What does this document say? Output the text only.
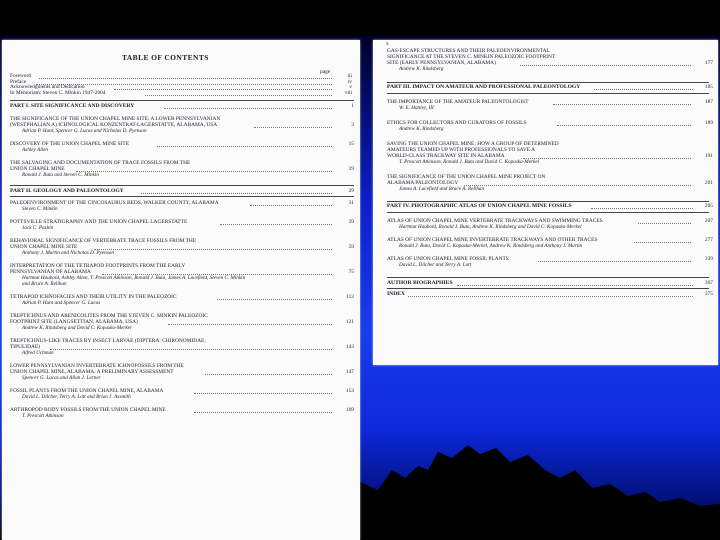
TABLE OF CONTENTS
page
Foreword	iii
Preface	iv
Acknowledgments and Dedication	v
In Memoriam: Steven C. Minkin 1947-2004	viii
PART I. SITE SIGNIFICANCE AND DISCOVERY	1
THE SIGNIFICANCE OF THE UNION CHAPEL MINE SITE: A LOWER PENNSYLVANIAN
(WESTPHALIAN A) ICHNOLOGICAL KONZENTRAT-LAGERSTATTE, ALABAMA, USA	3
Adrian P. Hunt, Spencer G. Lucas and Nicholas D. Pyenson
DISCOVERY OF THE UNION CHAPEL MINE SITE	15
Ashley Allen
THE SALVAGING AND DOCUMENTATION OF TRACE FOSSILS FROM THE
UNION CHAPEL MINE	19
Ronald J. Buta and Steven C. Minkin
PART II. GEOLOGY AND PALEONTOLOGY	29
PALEOENVIRONMENT OF THE CINCOSAURUS BEDS, WALKER COUNTY, ALABAMA	31
Steven C. Minkin
POTTSVILLE STRATIGRAPHY AND THE UNION CHAPEL LAGERSTATTE	39
Jack C. Pashin
BEHAVIORAL SIGNIFICANCE OF VERTEBRATE TRACE FOSSILS FROM THE
UNION CHAPEL MINE SITE	59
Anthony J. Martin and Nicholas D. Pyenson
INTERPRETATION OF THE TETRAPOD FOOTPRINTS FROM THE EARLY
PENNSYLVANIAN OF ALABAMA	75
Hartmut Haubold, Ashley Allen, T. Prescott Atkinson, Ronald J. Buta, James A. Lacefield, Steven C. Minkin
and Bruce A. Relihan
TETRAPOD ICHNOFACIES AND THEIR UTILITY IN THE PALEOZOIC	113
Adrian P. Hunt and Spencer G. Lucas
TREPTICHNUS AND ARENICOLITES FROM THE STEVEN C. MINKIN PALEOZOIC
FOOTPRINT SITE (LANGSETTIAN, ALABAMA, USA)	121
Andrew K. Rindsberg and David C. Kopaska-Merkel
TREPTICHNUS-LIKE TRACES BY INSECT LARVAE (DIPTERA: CHIRONOMIDAE,
TIPULIDAE)	143
Alfred Uchman
LOWER PENNSYLVANIAN INVERTEBRATE ICHNOFOSSILS FROM THE
UNION CHAPEL MINE, ALABAMA: A PRELIMINARY ASSESSMENT	147
Spencer G. Lucas and Allan J. Lerner
FOSSIL PLANTS FROM THE UNION CHAPEL MINE, ALABAMA	153
David L. Dilcher, Terry A. Lott and Brian J. Axsmith
ARTHROPOD BODY FOSSILS FROM THE UNION CHAPEL MINE	169
T. Prescott Atkinson
x
GAS-ESCAPE STRUCTURES AND THEIR PALEOENVIRONMENTAL
SIGNIFICANCE AT THE STEVEN C. MINKIN PALEOZOIC FOOTPRINT
SITE (EARLY PENNSYLVANIAN, ALABAMA)	177
Andrew K. Rindsberg
PART III. IMPACT ON AMATEUR AND PROFESSIONAL PALEONTOLOGY	185
THE IMPORTANCE OF THE AMATEUR PALEONTOLOGIST	187
W. E. Hanley, III
ETHICS FOR COLLECTORS AND CURATORS OF FOSSILS	189
Andrew K. Rindsberg
SAVING THE UNION CHAPEL MINE: HOW A GROUP OF DETERMINED
AMATEURS TEAMED UP WITH PROFESSIONALS TO SAVE A
WORLD-CLASS TRACKWAY SITE IN ALABAMA	191
T. Prescott Atkinson, Ronald J. Buta and David C. Kopaska-Merkel
THE SIGNIFICANCE OF THE UNION CHAPEL MINE PROJECT ON
ALABAMA PALEONTOLOGY	201
James A. Lacefield and Bruce A. Relihan
PART IV. PHOTOGRAPHIC ATLAS OF UNION CHAPEL MINE FOSSILS	205
ATLAS OF UNION CHAPEL MINE VERTEBRATE TRACKWAYS AND SWIMMING TRACES	207
Hartmut Haubold, Ronald J. Buta, Andrew K. Rindsberg and David C. Kopaska-Merkel
ATLAS OF UNION CHAPEL MINE INVERTEBRATE TRACKWAYS AND OTHER TRACES	277
Ronald J. Buta, David C. Kopaska-Merkel, Andrew K. Rindsberg and Anthony J. Martin
ATLAS OF UNION CHAPEL MINE FOSSIL PLANTS	339
David L. Dilcher and Terry A. Lott
AUTHOR BIOGRAPHIES	367
INDEX	375
